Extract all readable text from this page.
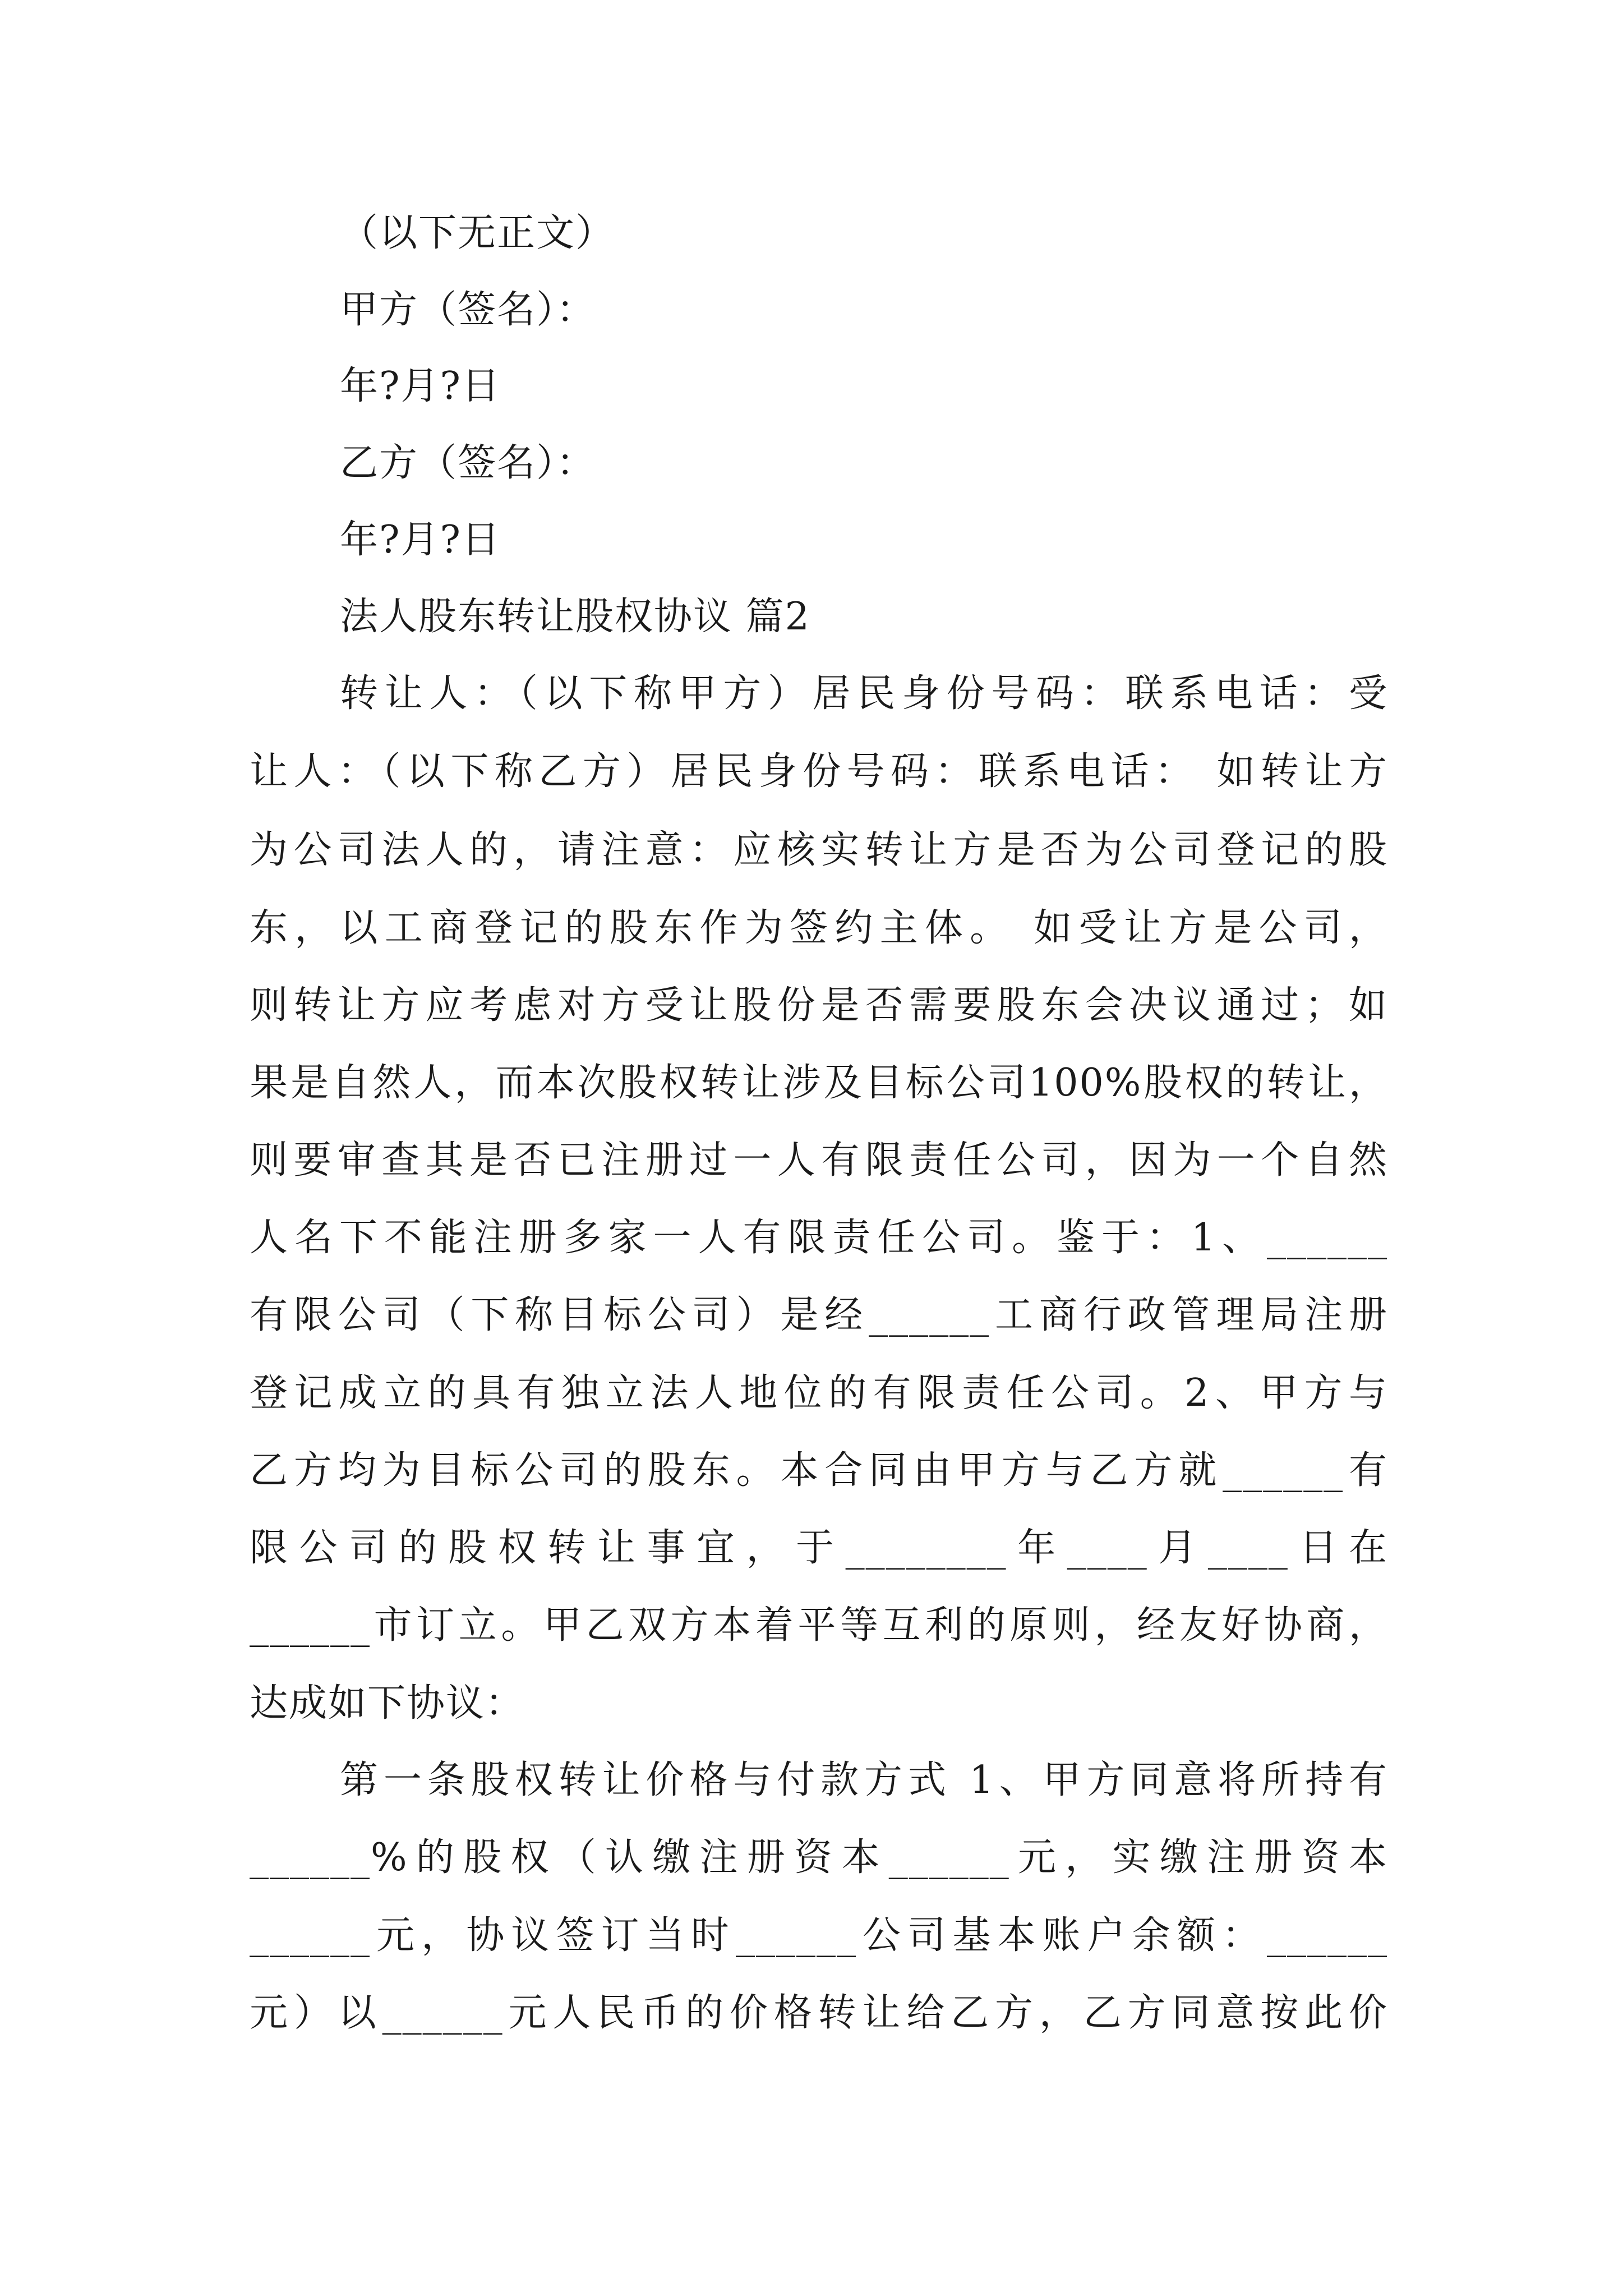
（以下无正文）
甲方（签名）：
年?月?日
乙方（签名）：
年?月?日
法人股东转让股权协议 篇2
转让人：（以下称甲方）居民身份号码：联系电话：受
让人：（以下称乙方）居民身份号码：联系电话： 如转让方
为公司法人的，请注意：应核实转让方是否为公司登记的股
东，以工商登记的股东作为签约主体。 如受让方是公司，
则转让方应考虑对方受让股份是否需要股东会决议通过；如
果是自然人，而本次股权转让涉及目标公司100%股权的转让，
则要审查其是否已注册过一人有限责任公司，因为一个自然
人名下不能注册多家一人有限责任公司。鉴于：1、______
有限公司（下称目标公司）是经______工商行政管理局注册
登记成立的具有独立法人地位的有限责任公司。2、甲方与
乙方均为目标公司的股东。本合同由甲方与乙方就______有
限公司的股权转让事宜，于________年____月____日在
______市订立。甲乙双方本着平等互利的原则，经友好协商，
达成如下协议：
第一条股权转让价格与付款方式 1、甲方同意将所持有
______%的股权（认缴注册资本______元，实缴注册资本
______元，协议签订当时______公司基本账户余额：______
元）以______元人民币的价格转让给乙方，乙方同意按此价
